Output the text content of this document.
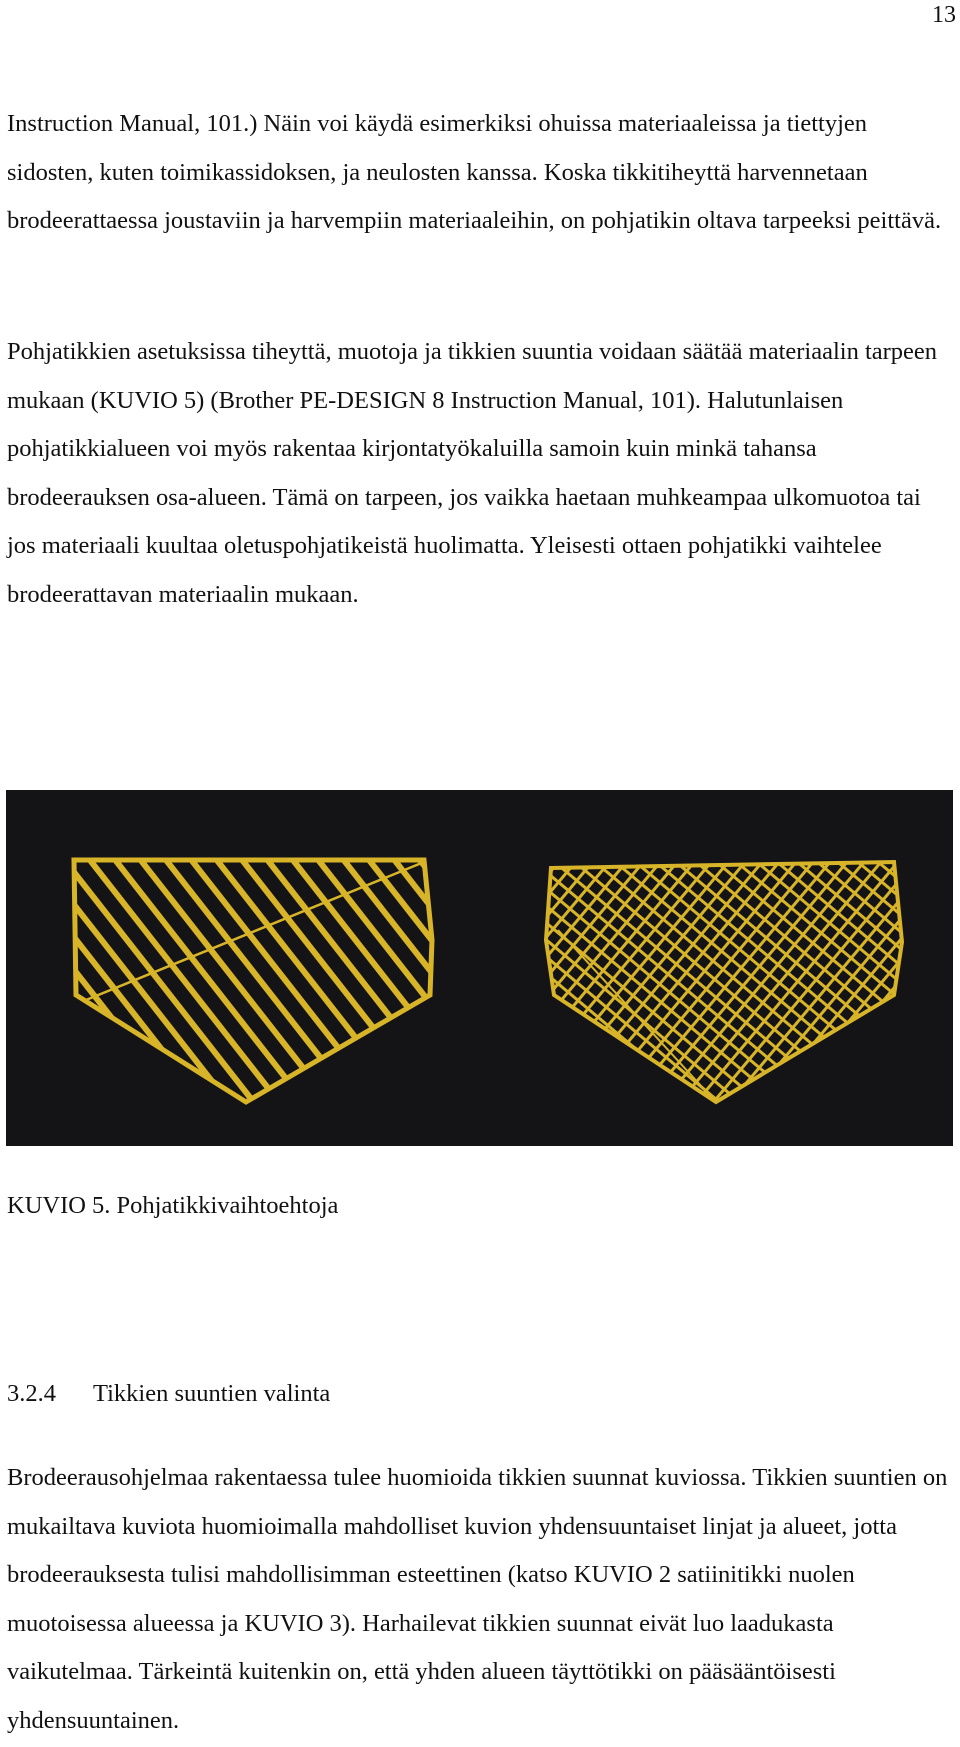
13

Instruction Manual, 101.) Näin voi käydä esimerkiksi ohuissa materiaaleissa ja tiettyjen sidosten, kuten toimikassidoksen, ja neulosten kanssa. Koska tikkitiheyttä harvennetaan brodeerattaessa joustaviin ja harvempiin materiaaleihin, on pohjatikin oltava tarpeeksi peittävä.

Pohjatikkien asetuksissa tiheyttä, muotoja ja tikkien suuntia voidaan säätää materiaalin tarpeen mukaan (KUVIO 5) (Brother PE-DESIGN 8 Instruction Manual, 101). Halutunlaisen pohjatikkialueen voi myös rakentaa kirjontatyökaluilla samoin kuin minkä tahansa brodeerauksen osa-alueen. Tämä on tarpeen, jos vaikka haetaan muhkeampaa ulkomuotoa tai jos materiaali kuultaa oletuspohjatikeistä huolimatta. Yleisesti ottaen pohjatikki vaihtelee brodeerattavan materiaalin mukaan.

KUVIO 5. Pohjatikkivaihtoehtoja

3.2.4 Tikkien suuntien valinta

Brodeerausohjelmaa rakentaessa tulee huomioida tikkien suunnat kuviossa. Tikkien suuntien on mukailtava kuviota huomioimalla mahdolliset kuvion yhdensuuntaiset linjat ja alueet, jotta brodeerauksesta tulisi mahdollisimman esteettinen (katso KUVIO 2 satiinitikki nuolen muotoisessa alueessa ja KUVIO 3). Harhailevat tikkien suunnat eivät luo laadukasta vaikutelmaa. Tärkeintä kuitenkin on, että yhden alueen täyttötikki on pääsääntöisesti yhdensuuntainen.
